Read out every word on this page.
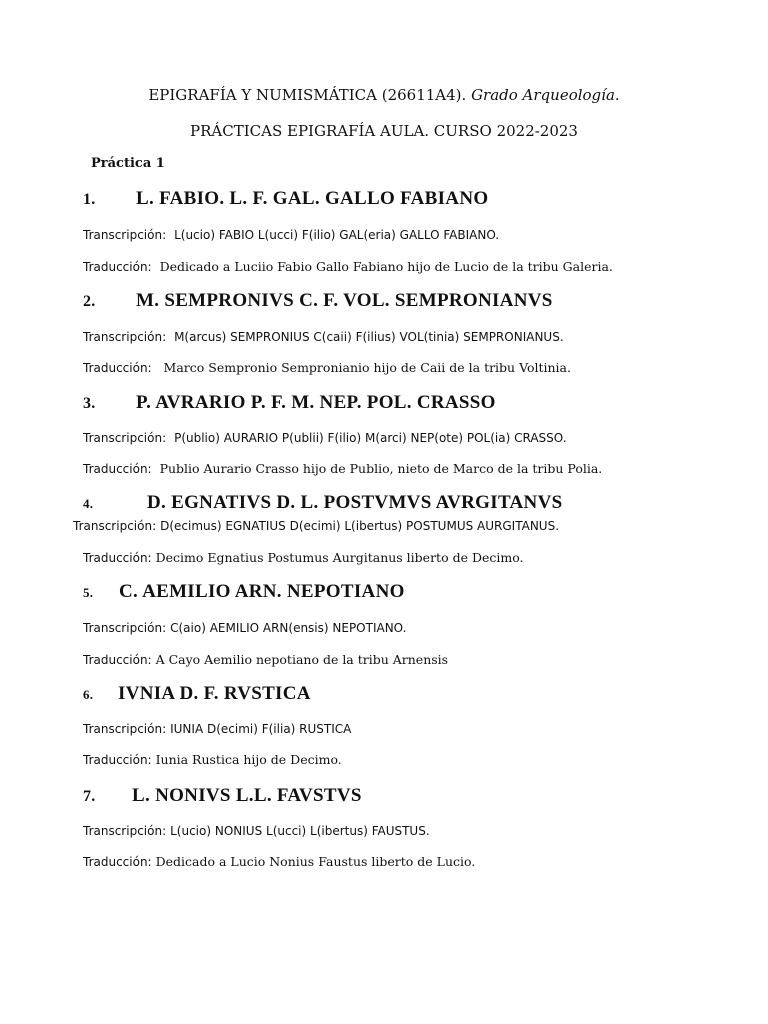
EPIGRAFÍA Y NUMISMÁTICA (26611A4). Grado Arqueología.
PRÁCTICAS EPIGRAFÍA AULA. CURSO 2022-2023
Práctica 1
1. L. FABIO. L. F. GAL. GALLO FABIANO
Transcripción: L(ucio) FABIO L(ucci) F(ilio) GAL(eria) GALLO FABIANO.
Traducción: Dedicado a Luciio Fabio Gallo Fabiano hijo de Lucio de la tribu Galeria.
2. M. SEMPRONIVS C. F. VOL. SEMPRONIANVS
Transcripción: M(arcus) SEMPRONIUS C(caii) F(ilius) VOL(tinia) SEMPRONIANUS.
Traducción: Marco Sempronio Sempronianio hijo de Caii de la tribu Voltinia.
3. P. AVRARIO P. F. M. NEP. POL. CRASSO
Transcripción: P(ublio) AURARIO P(ublii) F(ilio) M(arci) NEP(ote) POL(ia) CRASSO.
Traducción: Publio Aurario Crasso hijo de Publio, nieto de Marco de la tribu Polia.
4.	D. EGNATIVS D. L. POSTVMVS AVRGITANVS
Transcripción: D(ecimus) EGNATIUS D(ecimi) L(ibertus) POSTUMUS AURGITANUS.
Traducción: Decimo Egnatius Postumus Aurgitanus liberto de Decimo.
5. C. AEMILIO ARN. NEPOTIANO
Transcripción: C(aio) AEMILIO ARN(ensis) NEPOTIANO.
Traducción: A Cayo Aemilio nepotiano de la tribu Arnensis
6. IVNIA D. F. RVSTICA
Transcripción: IUNIA D(ecimi) F(ilia) RUSTICA
Traducción: Iunia Rustica hijo de Decimo.
7. L. NONIVS L.L. FAVSTVS
Transcripción: L(ucio) NONIUS L(ucci) L(ibertus) FAUSTUS.
Traducción: Dedicado a Lucio Nonius Faustus liberto de Lucio.
